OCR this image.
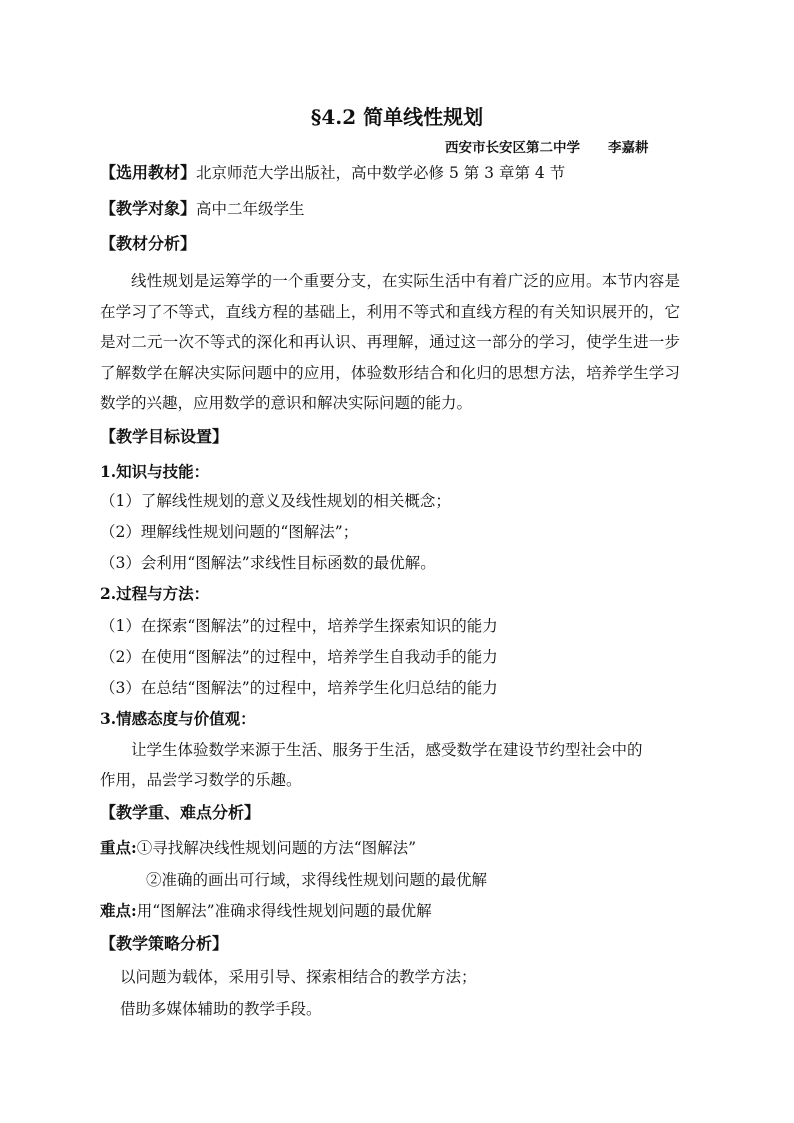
§4.2 简单线性规划
西安市长安区第二中学 李嘉耕
【选用教材】北京师范大学出版社，高中数学必修 5 第 3 章第 4 节
【教学对象】高中二年级学生
【教材分析】

线性规划是运筹学的一个重要分支，在实际生活中有着广泛的应用。本节内容是在学习了不等式，直线方程的基础上，利用不等式和直线方程的有关知识展开的，它是对二元一次不等式的深化和再认识、再理解，通过这一部分的学习，使学生进一步了解数学在解决实际问题中的应用，体验数形结合和化归的思想方法，培养学生学习数学的兴趣，应用数学的意识和解决实际问题的能力。

【教学目标设置】
1.知识与技能：
（1）了解线性规划的意义及线性规划的相关概念；
（2）理解线性规划问题的“图解法”；
（3）会利用“图解法”求线性目标函数的最优解。
2.过程与方法：
（1）在探索“图解法”的过程中，培养学生探索知识的能力
（2）在使用“图解法”的过程中，培养学生自我动手的能力
（3）在总结“图解法”的过程中，培养学生化归总结的能力
3.情感态度与价值观：
让学生体验数学来源于生活、服务于生活，感受数学在建设节约型社会中的
作用，品尝学习数学的乐趣。
【教学重、难点分析】
重点:①寻找解决线性规划问题的方法“图解法”
②准确的画出可行域，求得线性规划问题的最优解
难点:用“图解法”准确求得线性规划问题的最优解
【教学策略分析】
以问题为载体，采用引导、探索相结合的教学方法；
借助多媒体辅助的教学手段。
